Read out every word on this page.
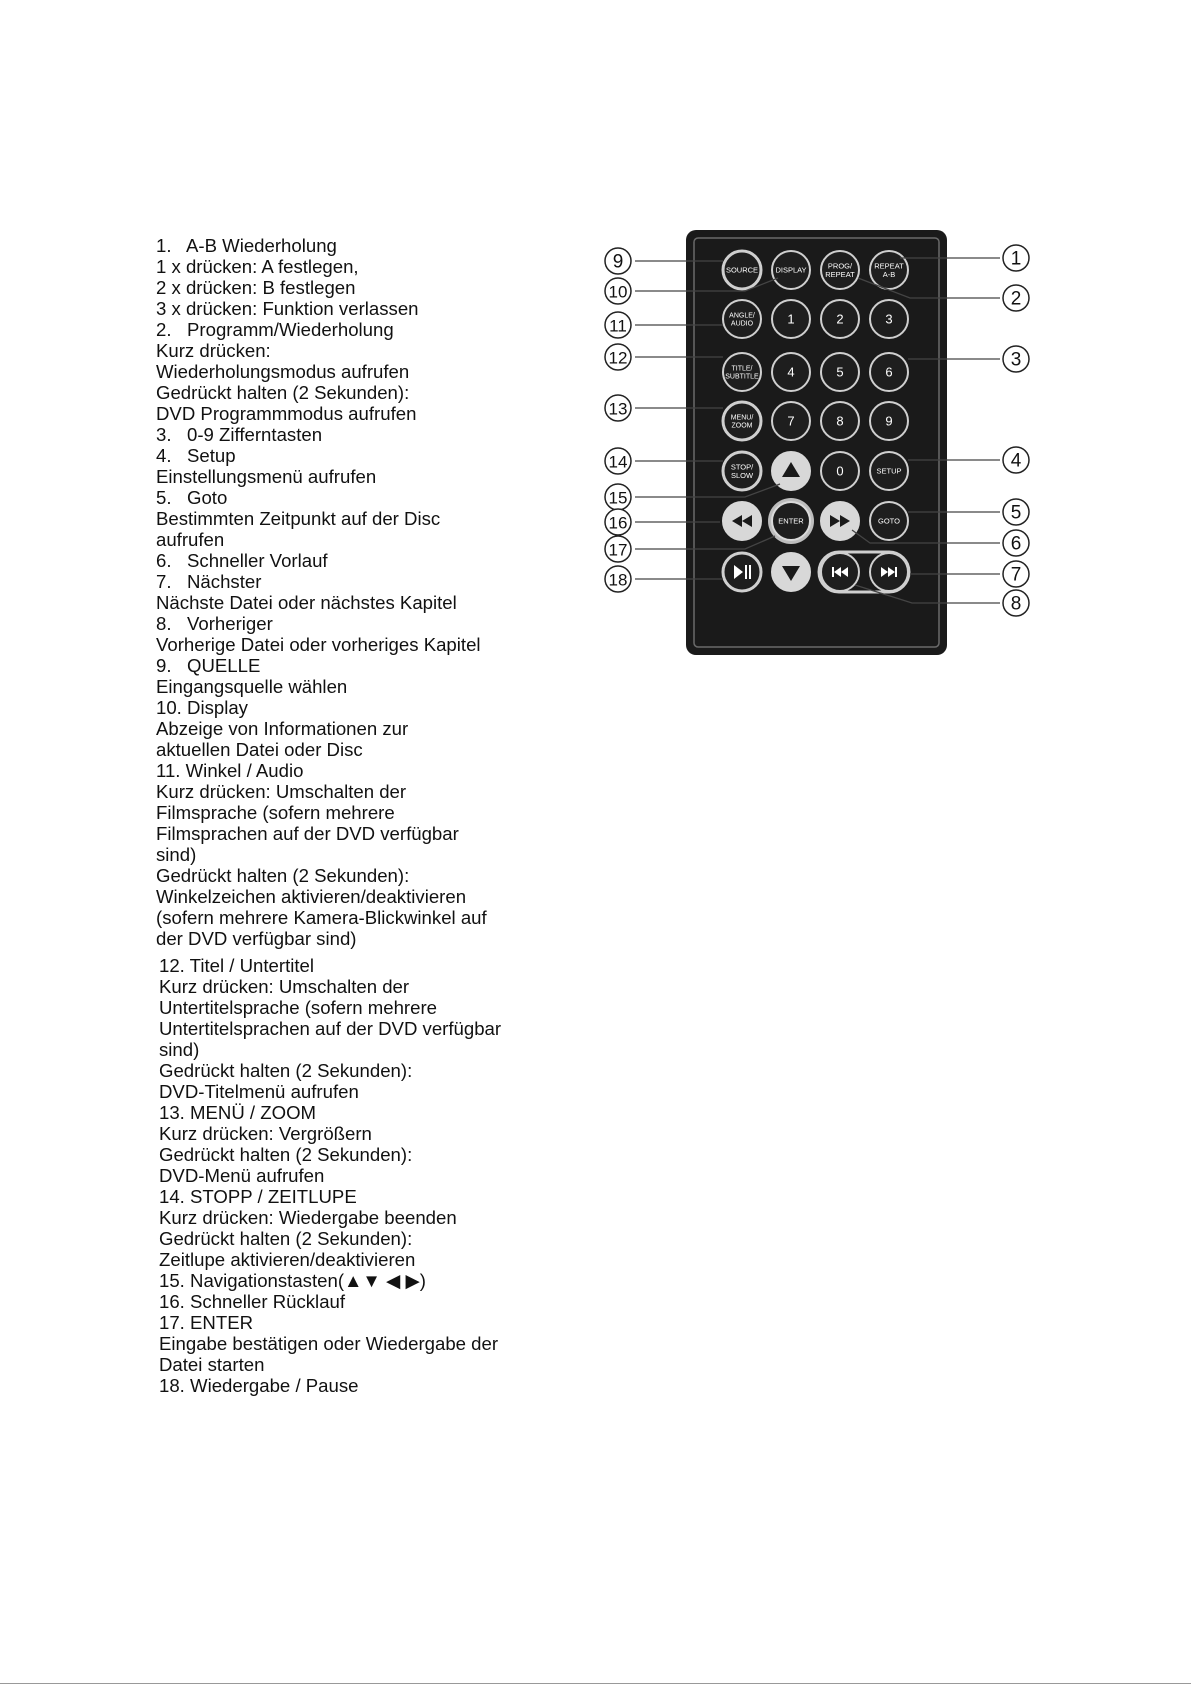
1.   A-B Wiederholung
1 x drücken: A festlegen,
2 x drücken: B festlegen
3 x drücken: Funktion verlassen
2.   Programm/Wiederholung
Kurz drücken:
Wiederholungsmodus aufrufen
Gedrückt halten (2 Sekunden):
DVD Programmmodus aufrufen
3.   0-9 Zifferntasten
4.   Setup
Einstellungsmenü aufrufen
5.   Goto
Bestimmten Zeitpunkt auf der Disc
aufrufen
6.   Schneller Vorlauf
7.   Nächster
Nächste Datei oder nächstes Kapitel
8.   Vorheriger
Vorherige Datei oder vorheriges Kapitel
9.   QUELLE
Eingangsquelle wählen
10. Display
Abzeige von Informationen zur
aktuellen Datei oder Disc
11. Winkel / Audio
Kurz drücken: Umschalten der
Filmsprache (sofern mehrere
Filmsprachen auf der DVD verfügbar
sind)
Gedrückt halten (2 Sekunden):
Winkelzeichen aktivieren/deaktivieren
(sofern mehrere Kamera-Blickwinkel auf
der DVD verfügbar sind)
12. Titel / Untertitel
Kurz drücken: Umschalten der
Untertitelsprache (sofern mehrere
Untertitelsprachen auf der DVD verfügbar
sind)
Gedrückt halten (2 Sekunden):
DVD-Titelmenü aufrufen
13. MENÜ / ZOOM
Kurz drücken: Vergrößern
Gedrückt halten (2 Sekunden):
DVD-Menü aufrufen
14. STOPP / ZEITLUPE
Kurz drücken: Wiedergabe beenden
Gedrückt halten (2 Sekunden):
Zeitlupe aktivieren/deaktivieren
15. Navigationstasten(▲▼ ◀ ▶)
16. Schneller Rücklauf
17. ENTER
Eingabe bestätigen oder Wiedergabe der
Datei starten
18. Wiedergabe / Pause
SOURCE DISPLAY	PROG/
REPEAT
REPEAT
A-B
ANGLE/
AUDIO	1	2	3
TITLE/
SUBTITLE 4	5	6
MENU/
ZOOM	7	8	9
STOP/
SLOW	0	SETUP
ENTER	GOTO
1
2
3
4
5
6
7
8
9
10
11
12
13
14
15
16
17
18
